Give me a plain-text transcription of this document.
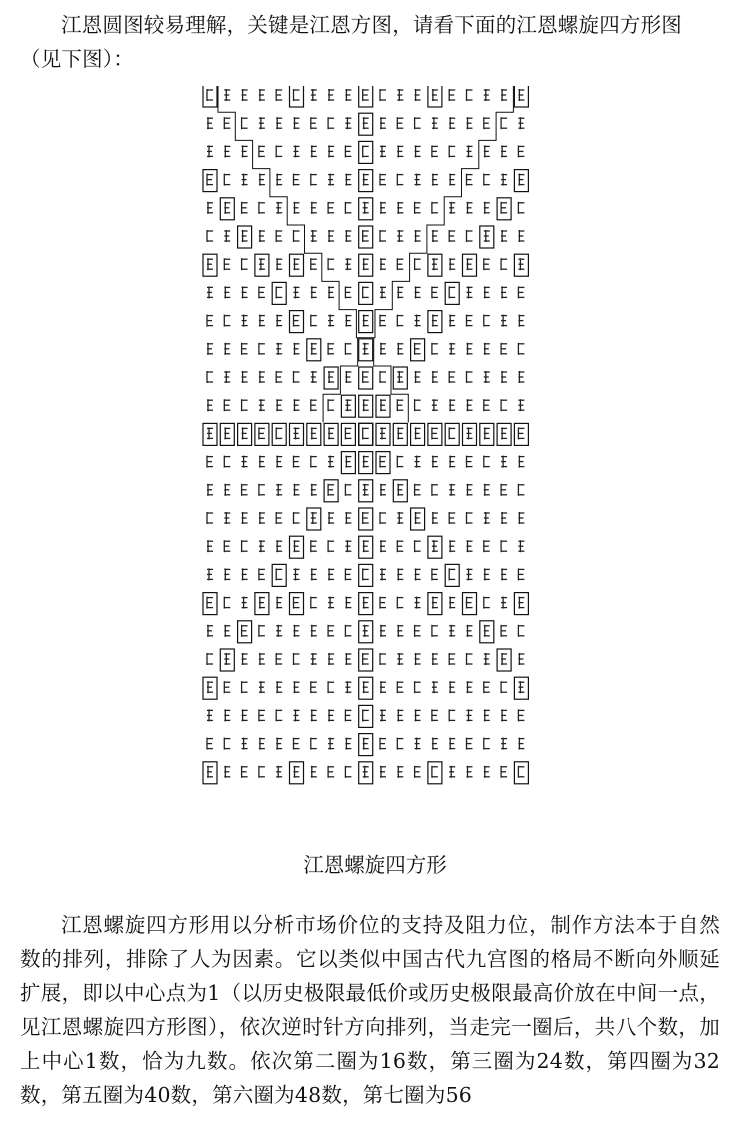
江恩圆图较易理解，关键是江恩方图，请看下面的江恩螺旋四方形图（见下图）：

江恩螺旋四方形

江恩螺旋四方形用以分析市场价位的支持及阻力位，制作方法本于自然数的排列，排除了人为因素。它以类似中国古代九宫图的格局不断向外顺延扩展，即以中心点为1（以历史极限最低价或历史极限最高价放在中间一点，见江恩螺旋四方形图），依次逆时针方向排列，当走完一圈后，共八个数，加上中心1数，恰为九数。依次第二圈为16数，第三圈为24数，第四圈为32数，第五圈为40数，第六圈为48数，第七圈为56
